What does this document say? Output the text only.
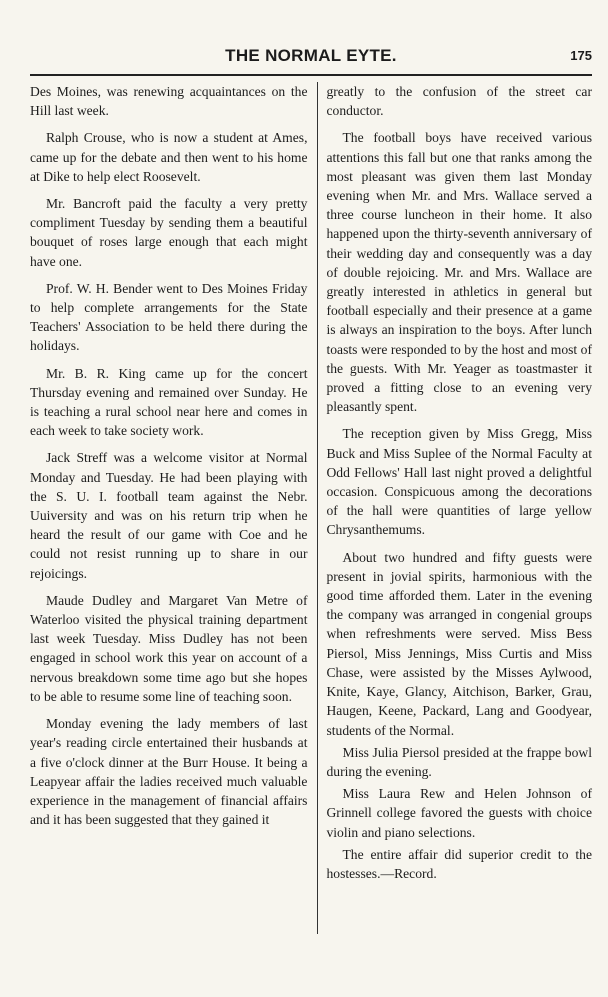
THE NORMAL EYTE.	175

Des Moines, was renewing acquaintances on the Hill last week.

Ralph Crouse, who is now a student at Ames, came up for the debate and then went to his home at Dike to help elect Roosevelt.

Mr. Bancroft paid the faculty a very pretty compliment Tuesday by sending them a beautiful bouquet of roses large enough that each might have one.

Prof. W. H. Bender went to Des Moines Friday to help complete arrangements for the State Teachers' Association to be held there during the holidays.

Mr. B. R. King came up for the concert Thursday evening and remained over Sunday. He is teaching a rural school near here and comes in each week to take society work.

Jack Streff was a welcome visitor at Normal Monday and Tuesday. He had been playing with the S. U. I. football team against the Nebr. Uuiversity and was on his return trip when he heard the result of our game with Coe and he could not resist running up to share in our rejoicings.

Maude Dudley and Margaret Van Metre of Waterloo visited the physical training department last week Tuesday. Miss Dudley has not been engaged in school work this year on account of a nervous breakdown some time ago but she hopes to be able to resume some line of teaching soon.

Monday evening the lady members of last year's reading circle entertained their husbands at a five o'clock dinner at the Burr House. It being a Leapyear affair the ladies received much valuable experience in the management of financial affairs and it has been suggested that they gained it

greatly to the confusion of the street car conductor.

The football boys have received various attentions this fall but one that ranks among the most pleasant was given them last Monday evening when Mr. and Mrs. Wallace served a three course luncheon in their home. It also happened upon the thirty-seventh anniversary of their wedding day and consequently was a day of double rejoicing. Mr. and Mrs. Wallace are greatly interested in athletics in general but football especially and their presence at a game is always an inspiration to the boys. After lunch toasts were responded to by the host and most of the guests. With Mr. Yeager as toastmaster it proved a fitting close to an evening very pleasantly spent.

The reception given by Miss Gregg, Miss Buck and Miss Suplee of the Normal Faculty at Odd Fellows' Hall last night proved a delightful occasion. Conspicuous among the decorations of the hall were quantities of large yellow Chrysanthemums.

About two hundred and fifty guests were present in jovial spirits, harmonious with the good time afforded them. Later in the evening the company was arranged in congenial groups when refreshments were served. Miss Bess Piersol, Miss Jennings, Miss Curtis and Miss Chase, were assisted by the Misses Aylwood, Knite, Kaye, Glancy, Aitchison, Barker, Grau, Haugen, Keene, Packard, Lang and Goodyear, students of the Normal.

Miss Julia Piersol presided at the frappe bowl during the evening.

Miss Laura Rew and Helen Johnson of Grinnell college favored the guests with choice violin and piano selections.

The entire affair did superior credit to the hostesses.—Record.
